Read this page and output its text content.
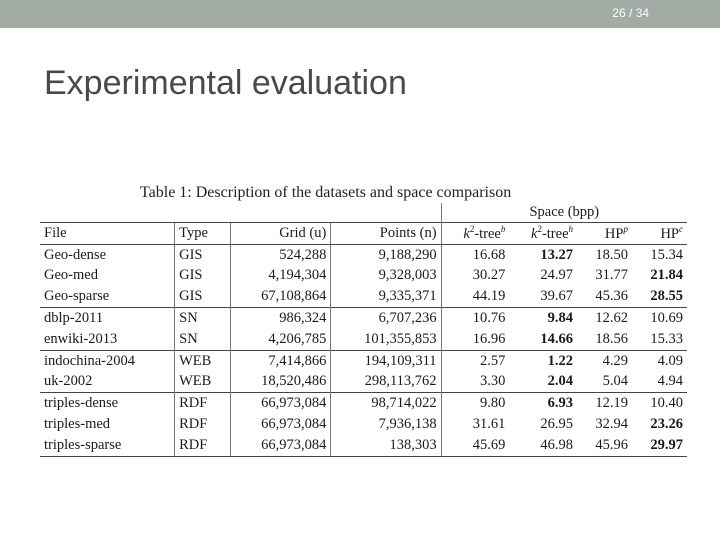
26 / 34
Experimental evaluation
Table 1: Description of the datasets and space comparison
				Space (bpp)			
File	Type	Grid (u)	Points (n)	$k^2-tree^b$	$k^2-tree^h$	$HP^p$	$HP^c$
Geo-dense	GIS	524,288	9,188,290	16.68	13.27	18.50	15.34
Geo-med	GIS	4,194,304	9,328,003	30.27	24.97	31.77	21.84
Geo-sparse	GIS	67,108,864	9,335,371	44.19	39.67	45.36	28.55
dblp-2011	SN	986,324	6,707,236	10.76	9.84	12.62	10.69
enwiki-2013	SN	4,206,785	101,355,853	16.96	14.66	18.56	15.33
indochina-2004	WEB	7,414,866	194,109,311	2.57	1.22	4.29	4.09
uk-2002	WEB	18,520,486	298,113,762	3.30	2.04	5.04	4.94
triples-dense	RDF	66,973,084	98,714,022	9.80	6.93	12.19	10.40
triples-med	RDF	66,973,084	7,936,138	31.61	26.95	32.94	23.26
triples-sparse	RDF	66,973,084	138,303	45.69	46.98	45.96	29.97
